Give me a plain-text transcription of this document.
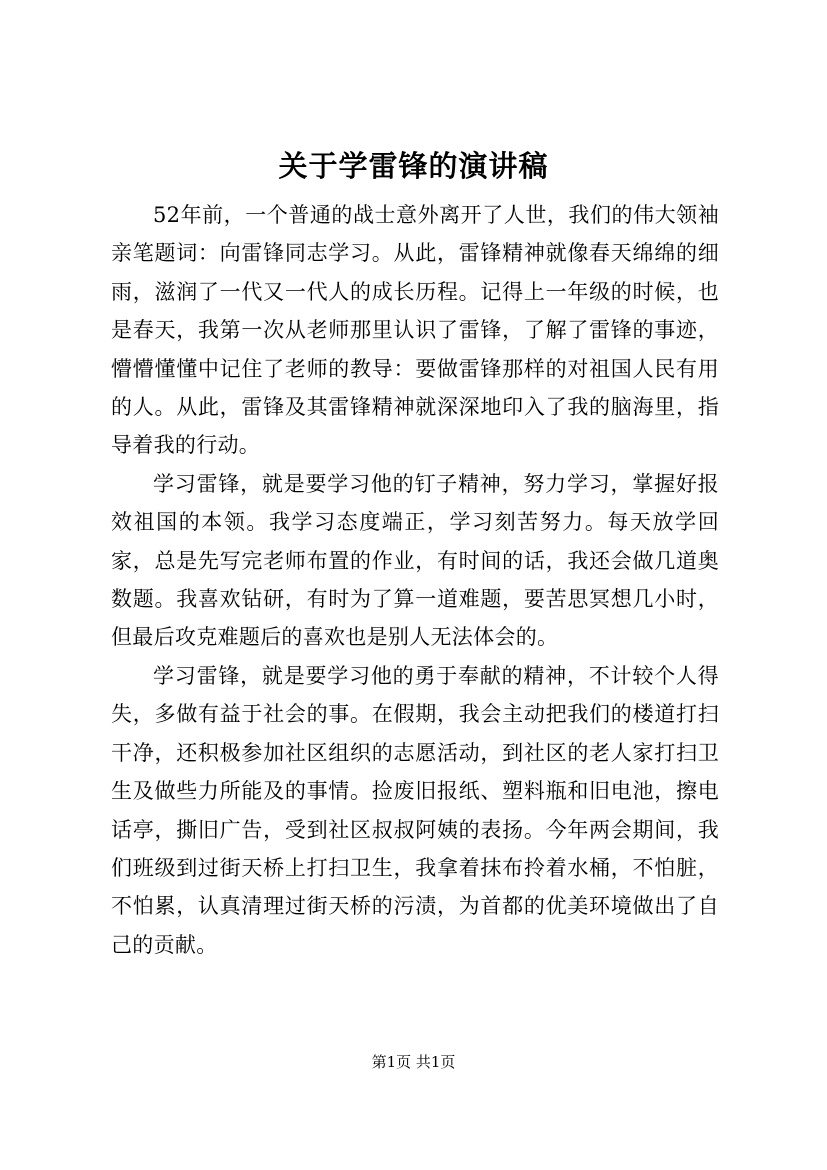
关于学雷锋的演讲稿

52年前，一个普通的战士意外离开了人世，我们的伟大领袖亲笔题词：向雷锋同志学习。从此，雷锋精神就像春天绵绵的细雨，滋润了一代又一代人的成长历程。记得上一年级的时候，也是春天，我第一次从老师那里认识了雷锋，了解了雷锋的事迹，懵懵懂懂中记住了老师的教导：要做雷锋那样的对祖国人民有用的人。从此，雷锋及其雷锋精神就深深地印入了我的脑海里，指导着我的行动。

学习雷锋，就是要学习他的钉子精神，努力学习，掌握好报效祖国的本领。我学习态度端正，学习刻苦努力。每天放学回家，总是先写完老师布置的作业，有时间的话，我还会做几道奥数题。我喜欢钻研，有时为了算一道难题，要苦思冥想几小时，但最后攻克难题后的喜欢也是别人无法体会的。

学习雷锋，就是要学习他的勇于奉献的精神，不计较个人得失，多做有益于社会的事。在假期，我会主动把我们的楼道打扫干净，还积极参加社区组织的志愿活动，到社区的老人家打扫卫生及做些力所能及的事情。捡废旧报纸、塑料瓶和旧电池，擦电话亭，撕旧广告，受到社区叔叔阿姨的表扬。今年两会期间，我们班级到过街天桥上打扫卫生，我拿着抹布拎着水桶，不怕脏，不怕累，认真清理过街天桥的污渍，为首都的优美环境做出了自己的贡献。

第1页 共1页
